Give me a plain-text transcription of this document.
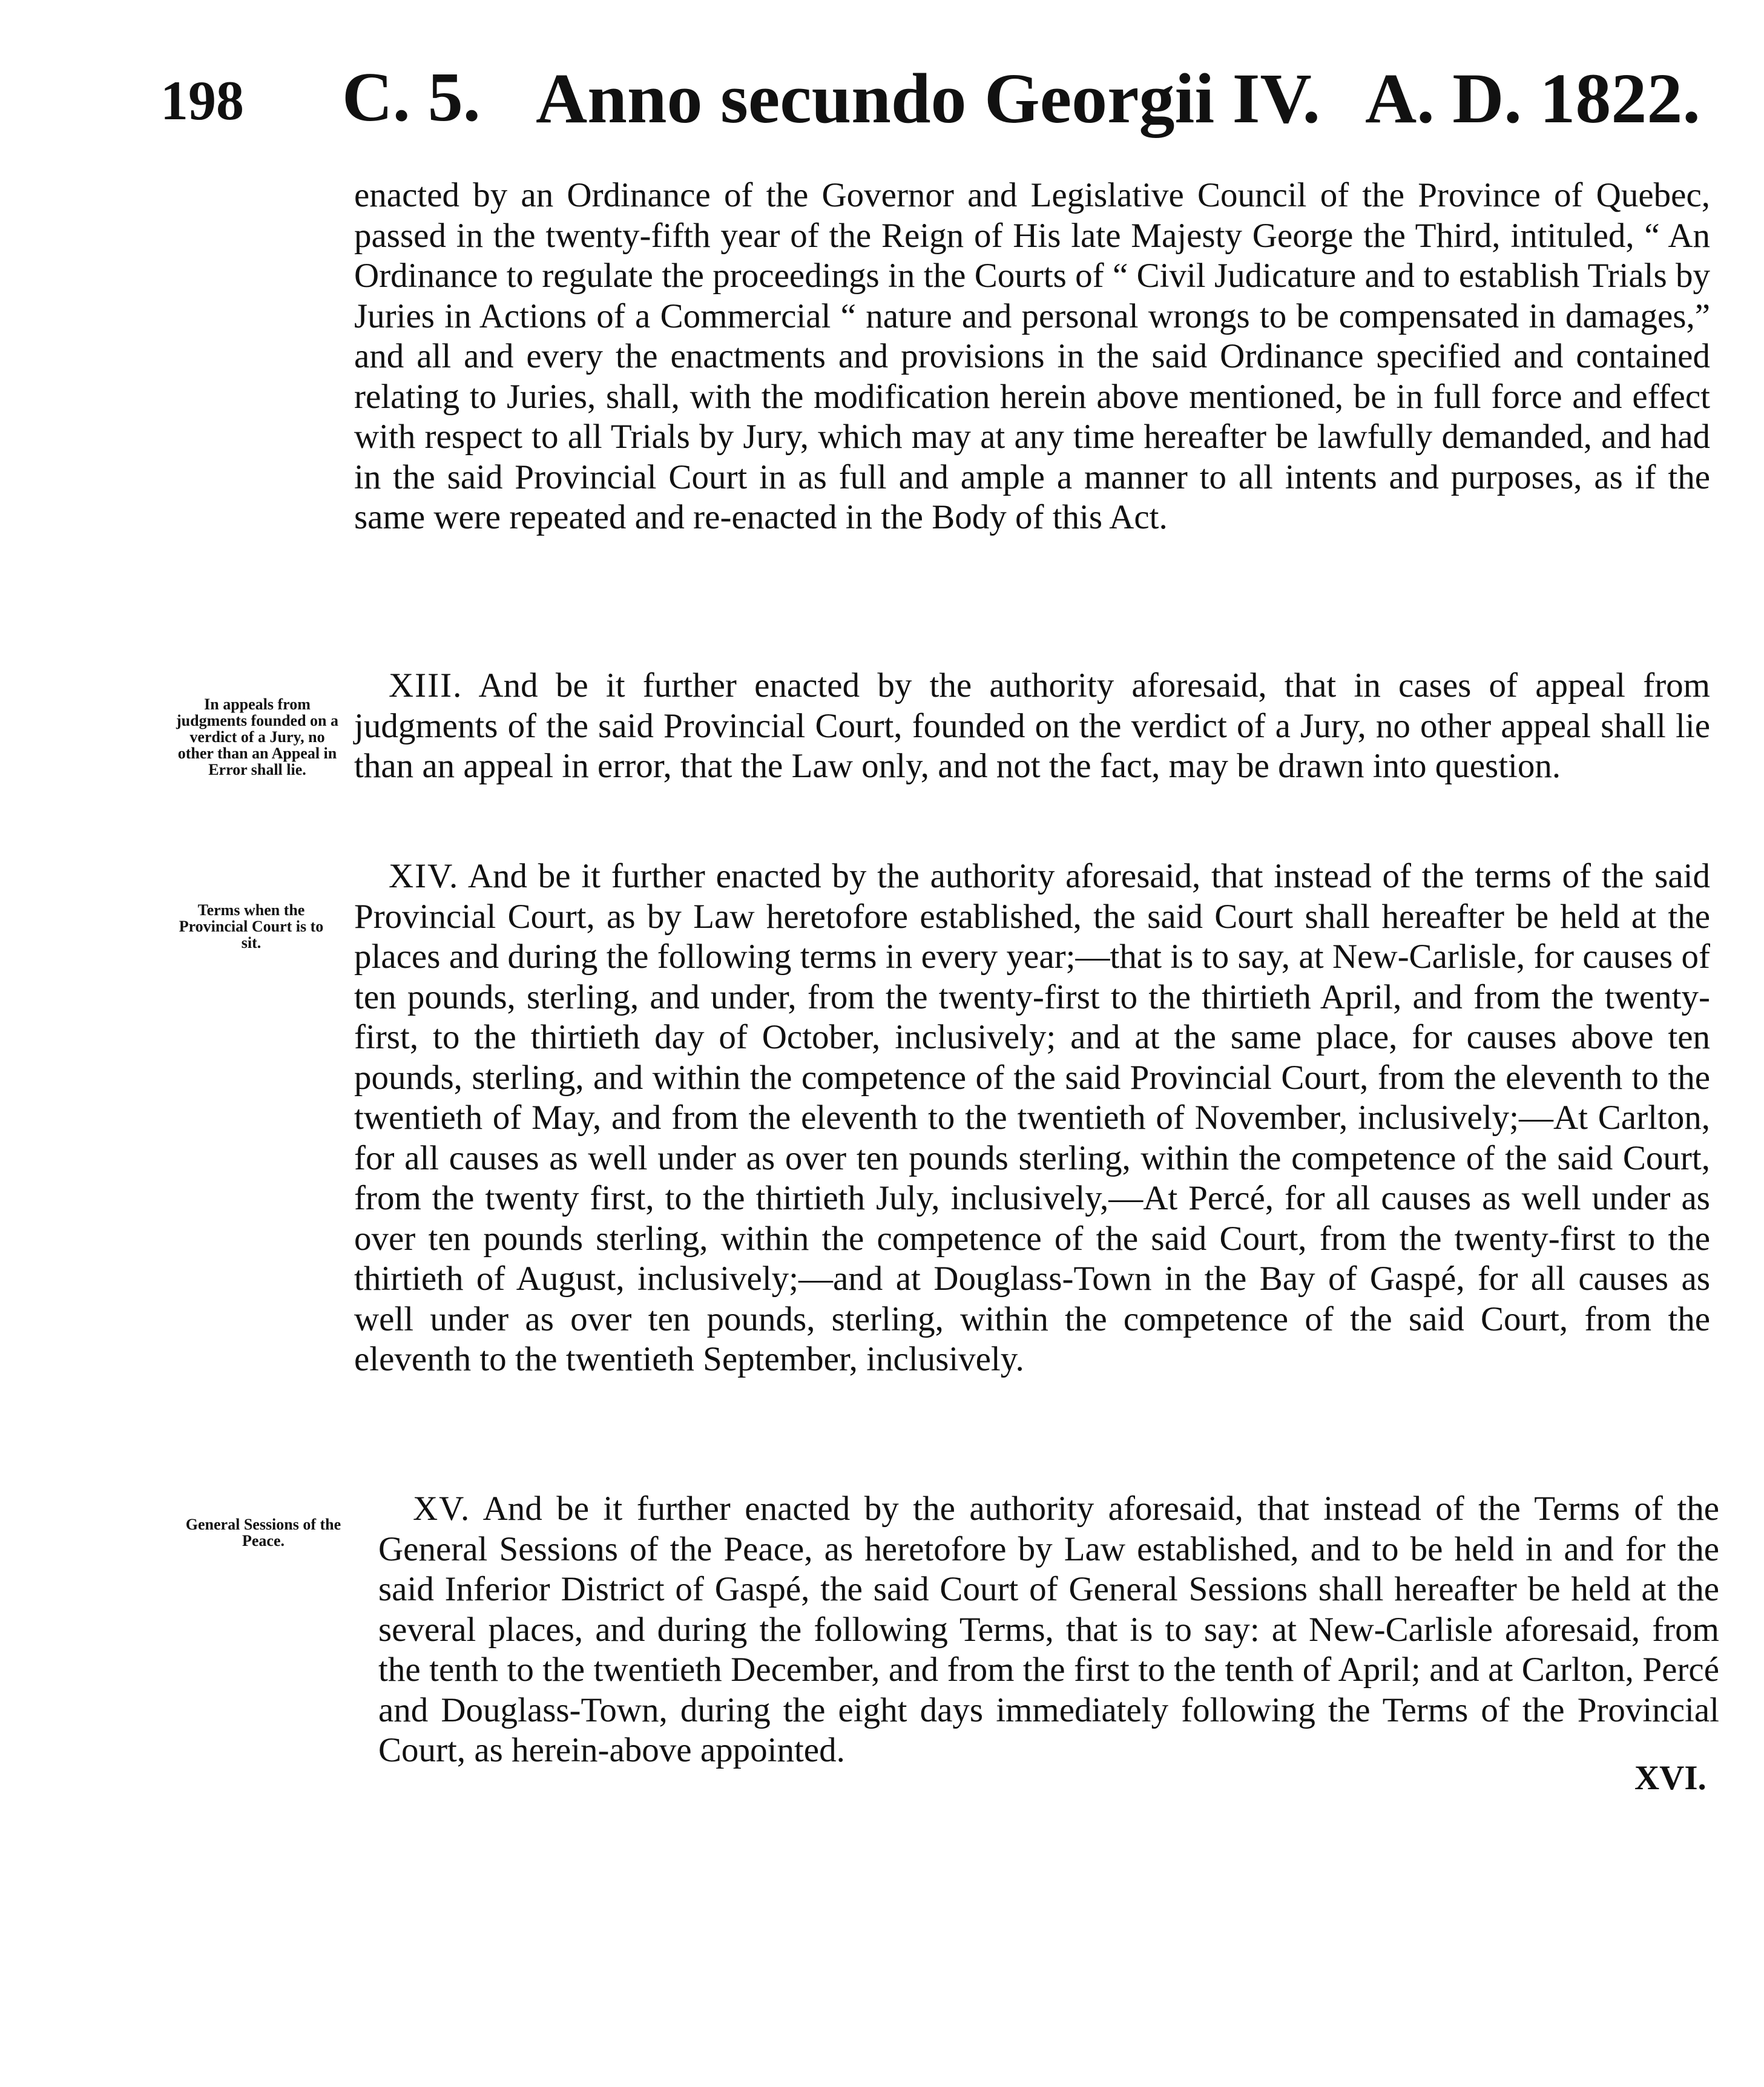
198 C. 5. Anno secundo Georgii IV. A. D. 1822.

enacted by an Ordinance of the Governor and Legislative Council of the Province of Quebec, passed in the twenty-fifth year of the Reign of His late Majesty George the Third, intituled, “ An Ordinance to regulate the proceedings in the Courts of “ Civil Judicature and to establish Trials by Juries in Actions of a Commercial “ nature and personal wrongs to be compensated in damages,” and all and every the enactments and provisions in the said Ordinance specified and contained relating to Juries, shall, with the modification herein above mentioned, be in full force and effect with respect to all Trials by Jury, which may at any time hereafter be lawfully demanded, and had in the said Provincial Court in as full and ample a manner to all intents and purposes, as if the same were repeated and re-enacted in the Body of this Act.

In appeals from judgments founded on a verdict of a Jury, no other than an Appeal in Error shall lie.

 XIII. And be it further enacted by the authority aforesaid, that in cases of appeal from judgments of the said Provincial Court, founded on the verdict of a Jury, no other appeal shall lie than an appeal in error, that the Law only, and not the fact, may be drawn into question.

Terms when the Provincial Court is to sit.

 XIV. And be it further enacted by the authority aforesaid, that instead of the terms of the said Provincial Court, as by Law heretofore established, the said Court shall hereafter be held at the places and during the following terms in every year;—that is to say, at New-Carlisle, for causes of ten pounds, sterling, and under, from the twenty-first to the thirtieth April, and from the twenty-first, to the thirtieth day of October, inclusively; and at the same place, for causes above ten pounds, sterling, and within the competence of the said Provincial Court, from the eleventh to the twentieth of May, and from the eleventh to the twentieth of November, inclusively;—At Carlton, for all causes as well under as over ten pounds sterling, within the competence of the said Court, from the twenty first, to the thirtieth July, inclusively,—At Percé, for all causes as well under as over ten pounds sterling, within the competence of the said Court, from the twenty-first to the thirtieth of August, inclusively;—and at Douglass-Town in the Bay of Gaspé, for all causes as well under as over ten pounds, sterling, within the competence of the said Court, from the eleventh to the twentieth September, inclusively.

General Sessions of the Peace.

 XV. And be it further enacted by the authority aforesaid, that instead of the Terms of the General Sessions of the Peace, as heretofore by Law established, and to be held in and for the said Inferior District of Gaspé, the said Court of General Sessions shall hereafter be held at the several places, and during the following Terms, that is to say: at New-Carlisle aforesaid, from the tenth to the twentieth December, and from the first to the tenth of April; and at Carlton, Percé and Douglass-Town, during the eight days immediately following the Terms of the Provincial Court, as herein-above appointed.

XVI.
